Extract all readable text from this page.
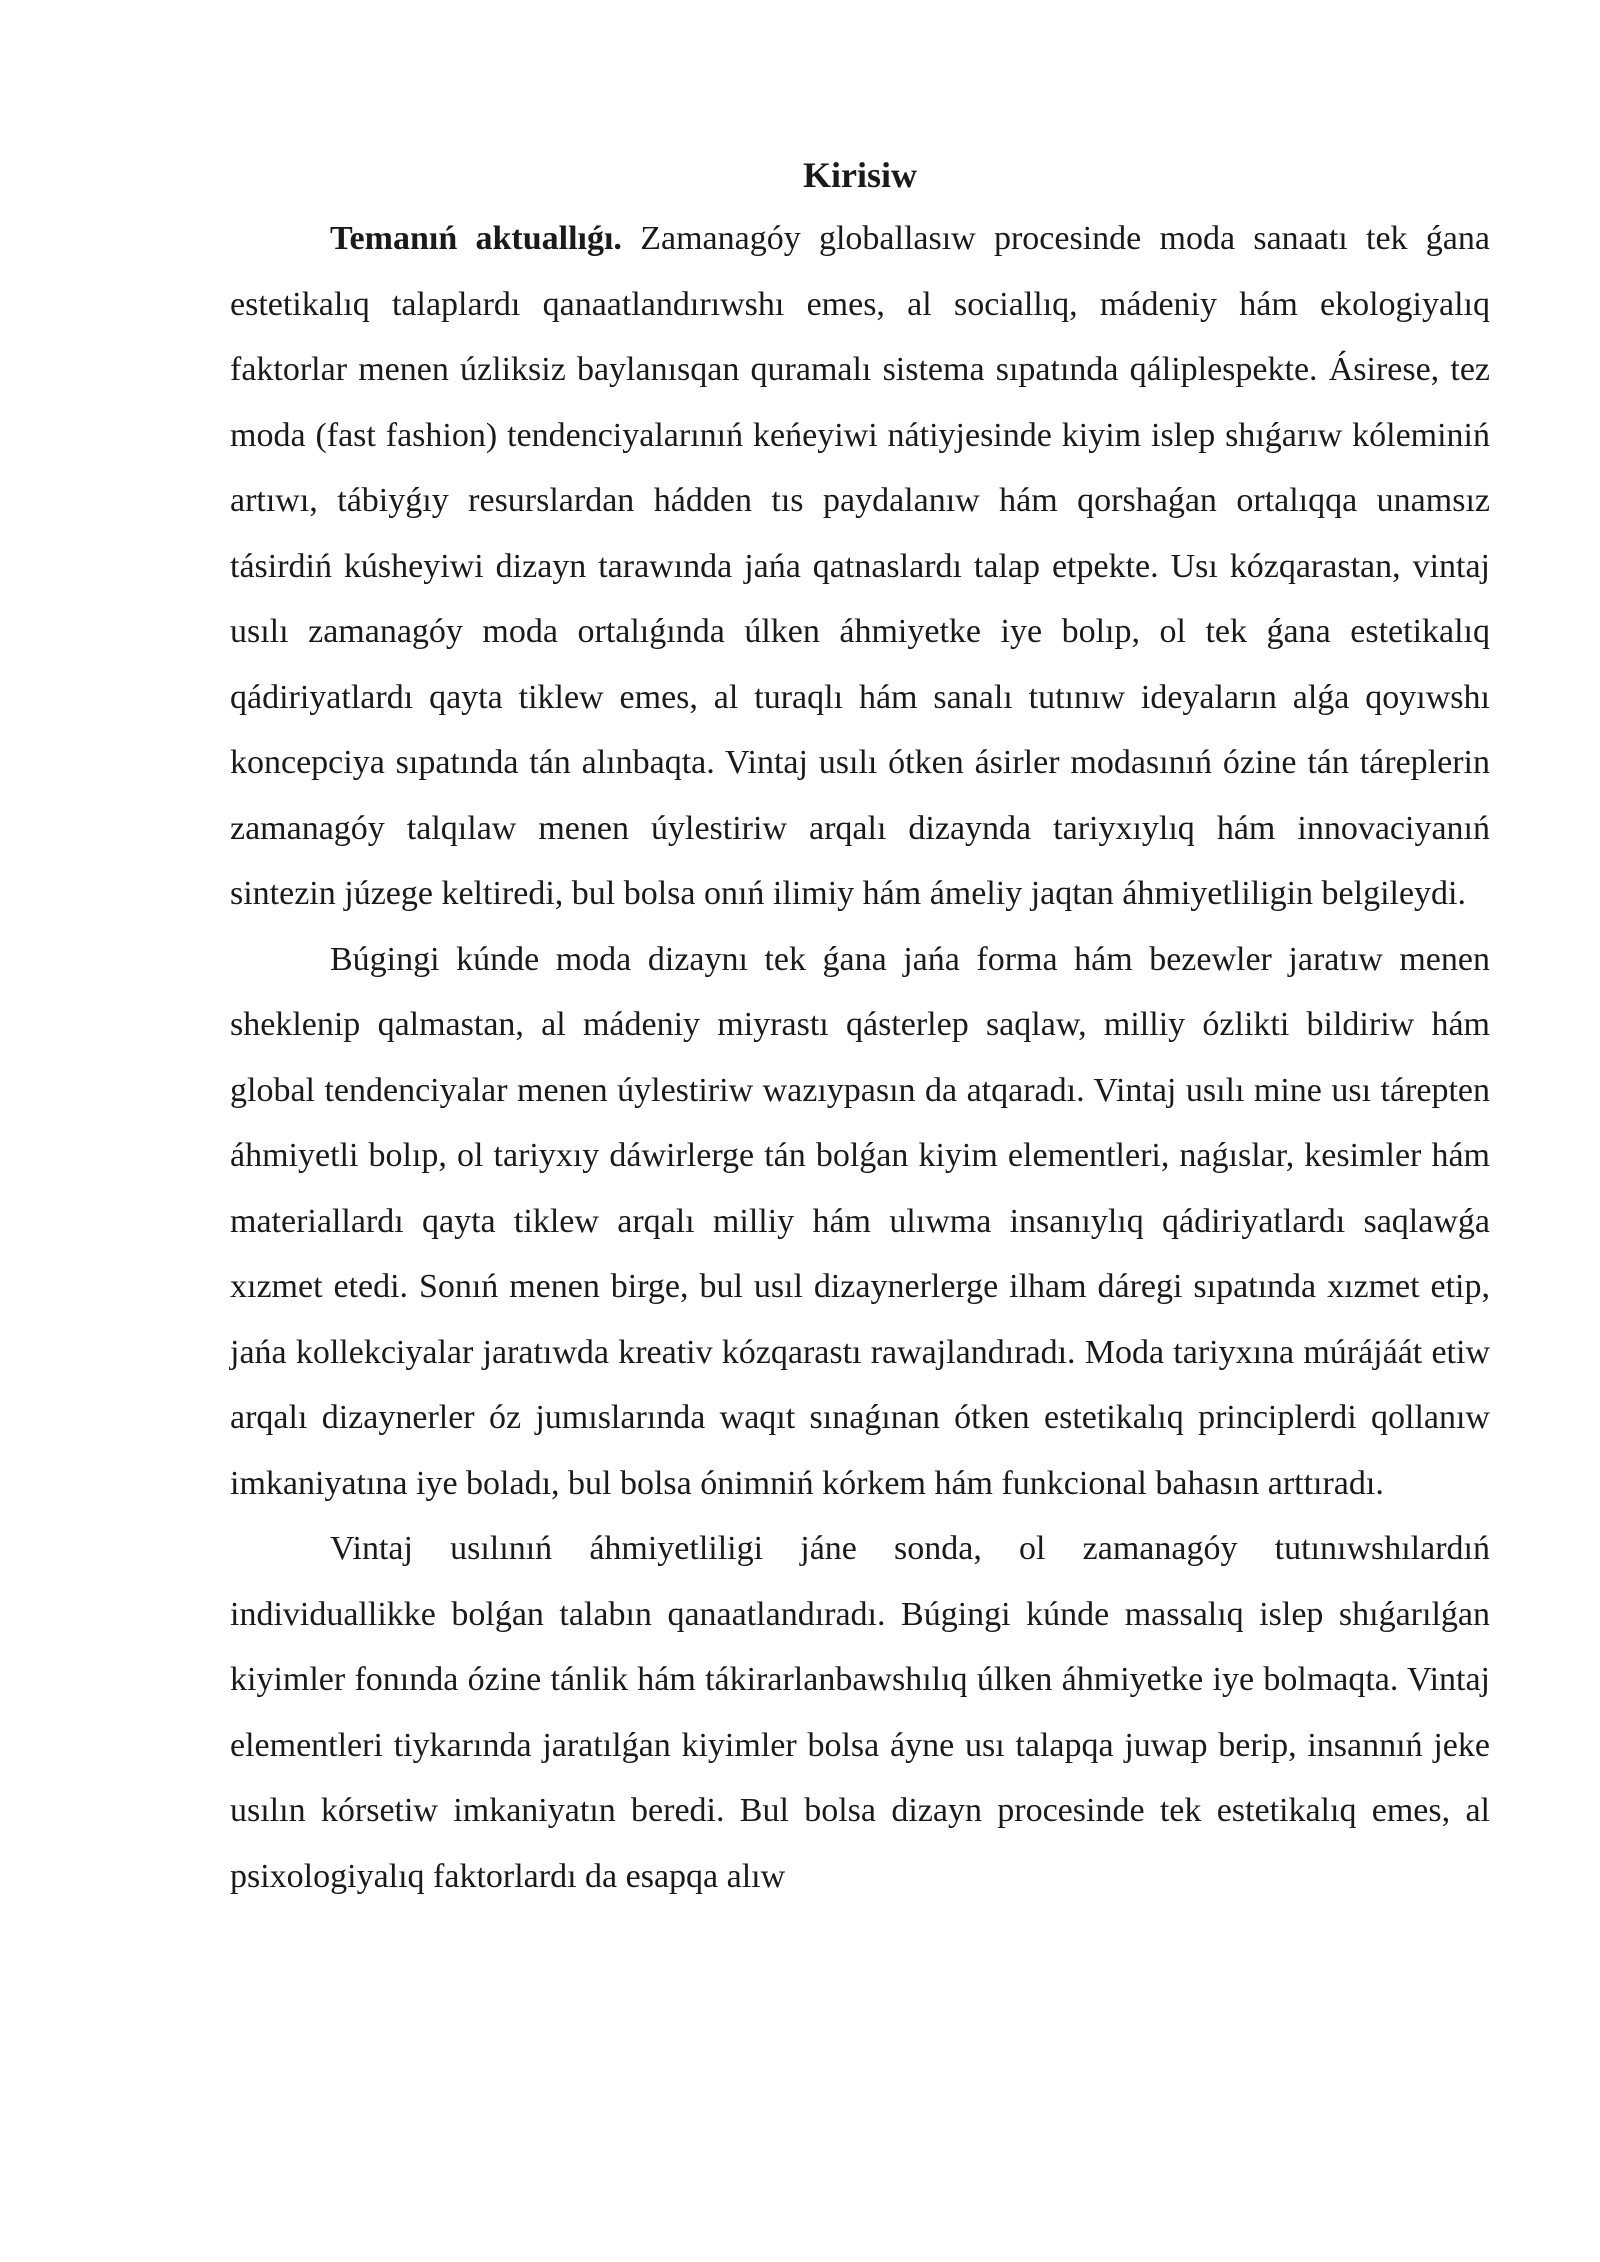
Kirisiw

Temanıń aktuallıǵı. Zamanagóy globallasıw procesinde moda sanaatı tek ǵana estetikalıq talaplardı qanaatlandırıwshı emes, al sociallıq, mádeniy hám ekologiyalıq faktorlar menen úzliksiz baylanısqan quramalı sistema sıpatında qáliplespekte. Ásirese, tez moda (fast fashion) tendenciyalarınıń keńeyiwi nátiyjesinde kiyim islep shıǵarıw kóleminiń artıwı, tábiyǵıy resurslardan hádden tıs paydalanıw hám qorshaǵan ortalıqqa unamsız tásirdiń kúsheyiwi dizayn tarawında jańa qatnaslardı talap etpekte. Usı kózqarastan, vintaj usılı zamanagóy moda ortalıǵında úlken áhmiyetke iye bolıp, ol tek ǵana estetikalıq qádiriyatlardı qayta tiklew emes, al turaqlı hám sanalı tutınıw ideyaların alǵa qoyıwshı koncepciya sıpatında tán alınbaqta. Vintaj usılı ótken ásirler modasınıń ózine tán táreplerin zamanagóy talqılaw menen úylestiriw arqalı dizaynda tariyxıylıq hám innovaciyanıń sintezin júzege keltiredi, bul bolsa onıń ilimiy hám ámeliy jaqtan áhmiyetliligin belgileydi.

Búgingi kúnde moda dizaynı tek ǵana jańa forma hám bezewler jaratıw menen sheklenip qalmastan, al mádeniy miyrastı qásterlep saqlaw, milliy ózlikti bildiriw hám global tendenciyalar menen úylestiriw wazıypasın da atqaradı. Vintaj usılı mine usı tárepten áhmiyetli bolıp, ol tariyxıy dáwirlerge tán bolǵan kiyim elementleri, naǵıslar, kesimler hám materiallardı qayta tiklew arqalı milliy hám ulıwma insanıylıq qádiriyatlardı saqlawǵa xızmet etedi. Sonıń menen birge, bul usıl dizaynerlerge ilham dáregi sıpatında xızmet etip, jańa kollekciyalar jaratıwda kreativ kózqarastı rawajlandıradı. Moda tariyxına múrájáát etiw arqalı dizaynerler óz jumıslarında waqıt sınaǵınan ótken estetikalıq principlerdi qollanıw imkaniyatına iye boladı, bul bolsa ónimniń kórkem hám funkcional bahasın arttıradı.

Vintaj usılınıń áhmiyetliligi jáne sonda, ol zamanagóy tutınıwshılardıń individuallikke bolǵan talabın qanaatlandıradı. Búgingi kúnde massalıq islep shıǵarılǵan kiyimler fonında ózine tánlik hám tákirarlanbawshılıq úlken áhmiyetke iye bolmaqta. Vintaj elementleri tiykarında jaratılǵan kiyimler bolsa áyne usı talapqa juwap berip, insannıń jeke usılın kórsetiw imkaniyatın beredi. Bul bolsa dizayn procesinde tek estetikalıq emes, al psixologiyalıq faktorlardı da esapqa alıw
